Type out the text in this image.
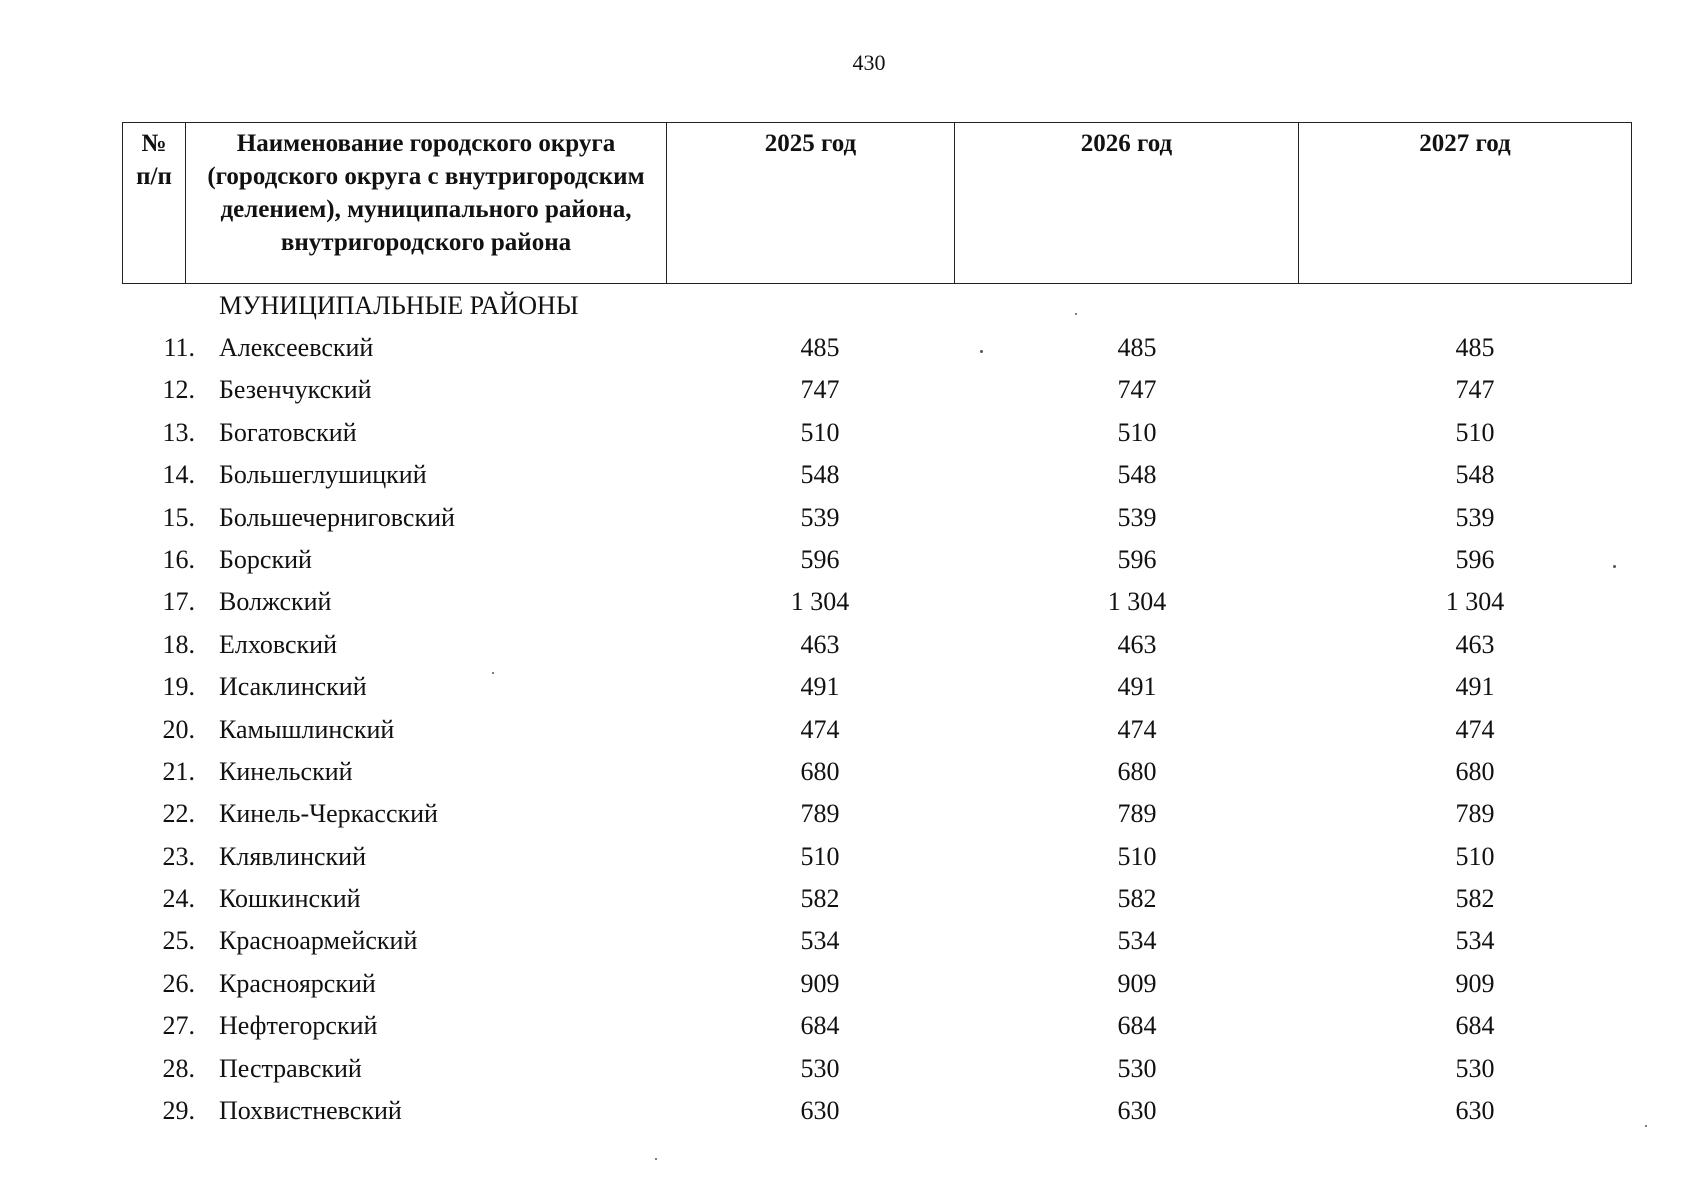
430
№ п/п	Наименование городского округа (городского округа с внутригородским делением), муниципального района, внутригородского района	2025 год	2026 год	2027 год
МУНИЦИПАЛЬНЫЕ РАЙОНЫ
11. Алексеевский	485	485	485
12. Безенчукский	747	747	747
13. Богатовский	510	510	510
14. Большеглушицкий	548	548	548
15. Большечерниговский	539	539	539
16. Борский	596	596	596
17. Волжский	1 304	1 304	1 304
18. Елховский	463	463	463
19. Исаклинский	491	491	491
20. Камышлинский	474	474	474
21. Кинельский	680	680	680
22. Кинель-Черкасский	789	789	789
23. Клявлинский	510	510	510
24. Кошкинский	582	582	582
25. Красноармейский	534	534	534
26. Красноярский	909	909	909
27. Нефтегорский	684	684	684
28. Пестравский	530	530	530
29. Похвистневский	630	630	630
